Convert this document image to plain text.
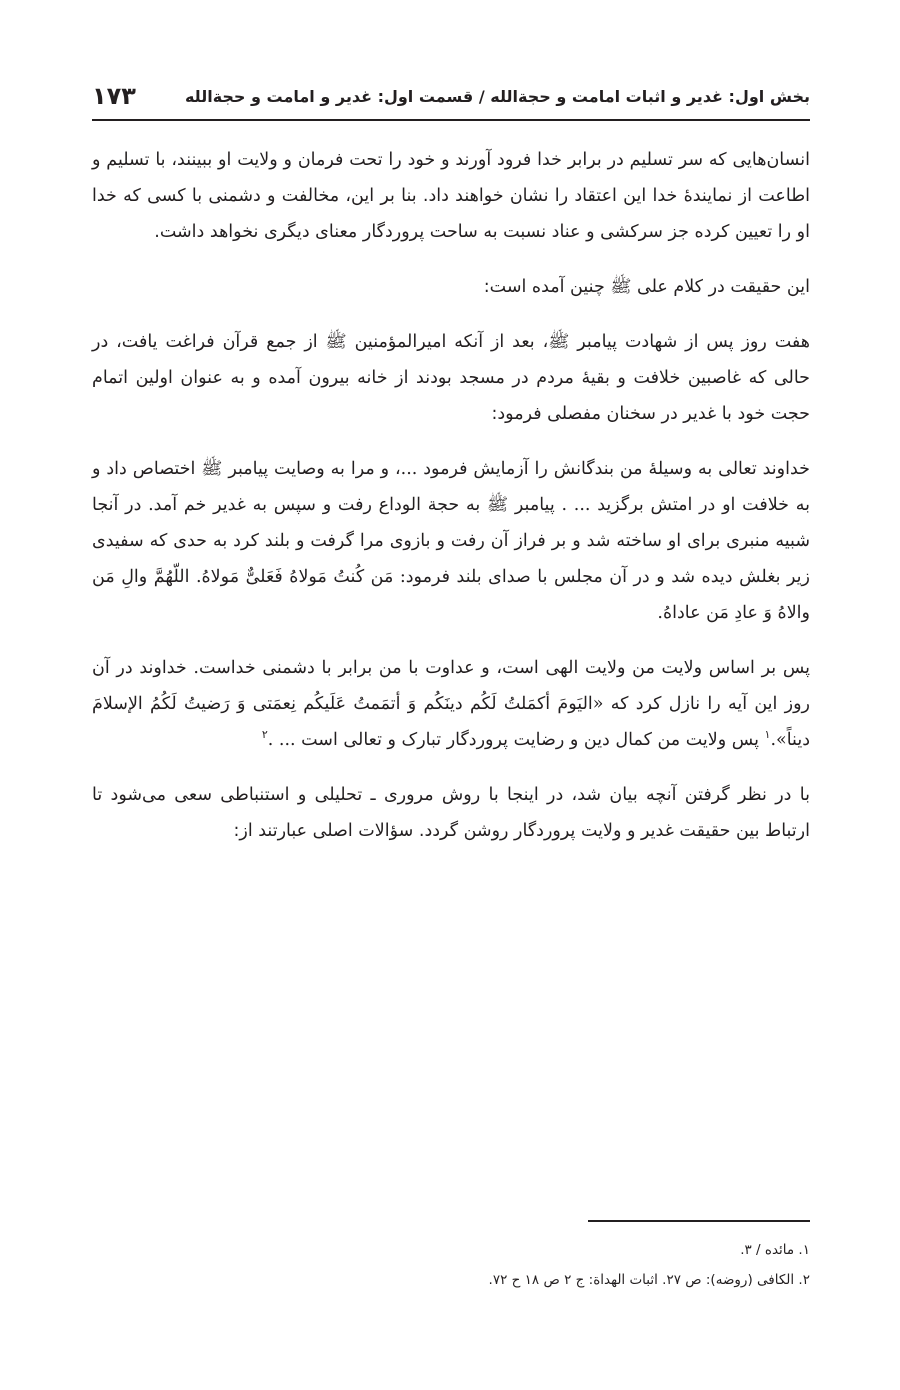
بخش اول: غدیر و اثبات امامت و حجةالله / قسمت اول: غدیر و امامت و حجةالله
۱۷۳

انسان‌هایی که سر تسلیم در برابر خدا فرود آورند و خود را تحت فرمان و ولایت او ببینند، با تسلیم و اطاعت از نمایندهٔ خدا این اعتقاد را نشان خواهند داد. بنا بر این، مخالفت و دشمنی با کسی که خدا او را تعیین کرده جز سرکشی و عناد نسبت به ساحت پروردگار معنای دیگری نخواهد داشت.

این حقیقت در کلام علی ﷺ چنین آمده است:

هفت روز پس از شهادت پیامبر ﷺ، بعد از آنکه امیرالمؤمنین ﷺ از جمع قرآن فراغت یافت، در حالی که غاصبین خلافت و بقیهٔ مردم در مسجد بودند از خانه بیرون آمده و به عنوان اولین اتمام حجت خود با غدیر در سخنان مفصلی فرمود:

خداوند تعالی به وسیلهٔ من بندگانش را آزمایش فرمود ...، و مرا به وصایت پیامبر ﷺ اختصاص داد و به خلافت او در امتش برگزید ... . پیامبر ﷺ به حجة الوداع رفت و سپس به غدیر خم آمد. در آنجا شبیه منبری برای او ساخته شد و بر فراز آن رفت و بازوی مرا گرفت و بلند کرد به حدی که سفیدی زیر بغلش دیده شد و در آن مجلس با صدای بلند فرمود: مَن کُنتُ مَولاهُ فَعَلیٌّ مَولاهُ. اللّهُمَّ والِ مَن والاهُ وَ عادِ مَن عاداهُ.

پس بر اساس ولایت من ولایت الهی است، و عداوت با من برابر با دشمنی خداست. خداوند در آن روز این آیه را نازل کرد که «الیَومَ أکمَلتُ لَکُم دینَکُم وَ أتمَمتُ عَلَیکُم نِعمَتی وَ رَضیتُ لَکُمُ الإسلامَ دیناً».$^۱$ پس ولایت من کمال دین و رضایت پروردگار تبارک و تعالی است ... .$^۲$

با در نظر گرفتن آنچه بیان شد، در اینجا با روش مروری ـ تحلیلی و استنباطی سعی می‌شود تا ارتباط بین حقیقت غدیر و ولایت پروردگار روشن گردد. سؤالات اصلی عبارتند از:

۱. مائده / ۳.

۲. الکافی (روضه): ص ۲۷. اثبات الهداة: ج ۲ ص ۱۸ ح ۷۲.
